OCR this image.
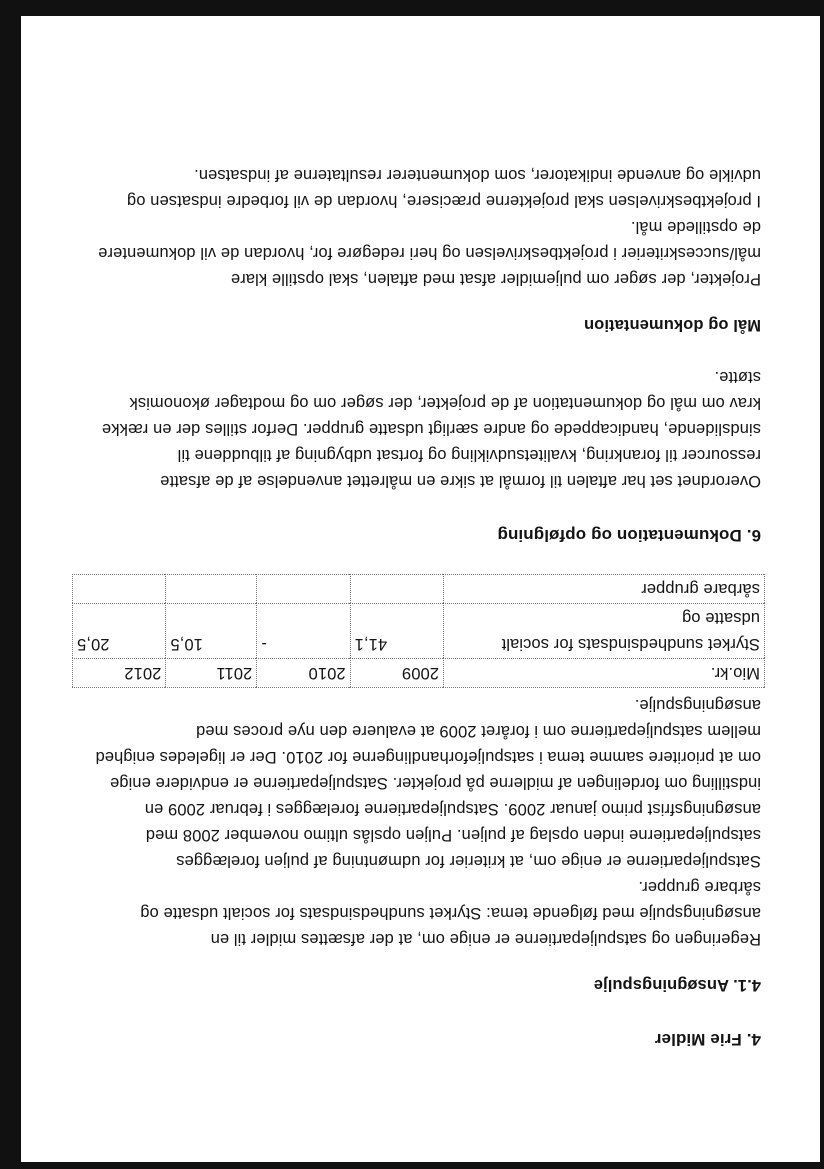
4. Frie Midler

4.1. Ansøgningspulje

Regeringen og satspuljepartierne er enige om, at der afsættes midler til en

ansøgningspulje med følgende tema: Styrket sundhedsindsats for socialt udsatte og

sårbare grupper.

Satspuljepartierne er enige om, at kriterier for udmøntning af puljen forelægges

satspuljepartierne inden opslag af puljen. Puljen opslås ultimo november 2008 med

ansøgningsfrist primo januar 2009. Satspuljepartierne forelægges i februar 2009 en

indstilling om fordelingen af midlerne på projekter. Satspuljepartierne er endvidere enige

om at prioritere samme tema i satspuljeforhandlingerne for 2010. Der er ligeledes enighed

mellem satspuljepartierne om i foråret 2009 at evaluere den nye proces med

ansøgningspulje.

Mio.kr.	2009	2010	2011	2012
Styrket sundhedsindsats for socialt udsatte og	41,1	-	10,5	20,5
sårbare grupper				

6. Dokumentation og opfølgning

Overordnet set har aftalen til formål at sikre en målrettet anvendelse af de afsatte

ressourcer til forankring, kvalitetsudvikling og fortsat udbygning af tilbuddene til

sindslidende, handicappede og andre særligt udsatte grupper. Derfor stilles der en række

krav om mål og dokumentation af de projekter, der søger om og modtager økonomisk

støtte.

Mål og dokumentation

Projekter, der søger om puljemidler afsat med aftalen, skal opstille klare

mål/succeskriterier i projektbeskrivelsen og heri redegøre for, hvordan de vil dokumentere

de opstillede mål.

I projektbeskrivelsen skal projekterne præcisere, hvordan de vil forbedre indsatsen og

udvikle og anvende indikatorer, som dokumenterer resultaterne af indsatsen.
